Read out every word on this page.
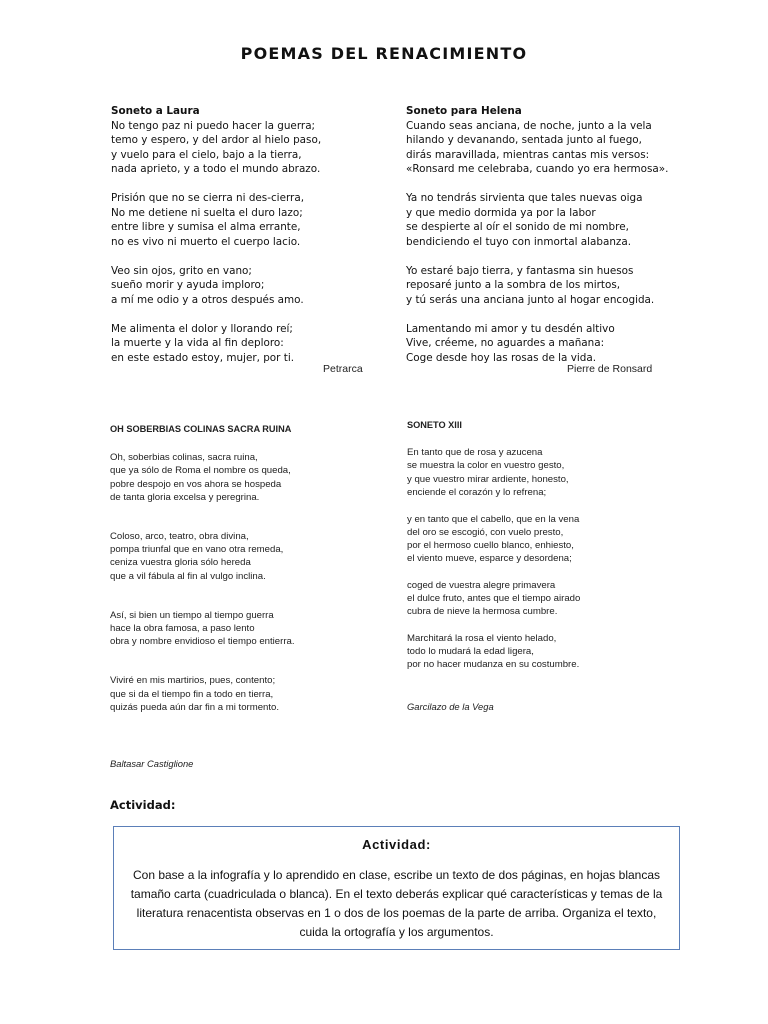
POEMAS DEL RENACIMIENTO
Soneto a Laura
No tengo paz ni puedo hacer la guerra;
temo y espero, y del ardor al hielo paso,
y vuelo para el cielo, bajo a la tierra,
nada aprieto, y a todo el mundo abrazo.
Prisión que no se cierra ni des-cierra,
No me detiene ni suelta el duro lazo;
entre libre y sumisa el alma errante,
no es vivo ni muerto el cuerpo lacio.
Veo sin ojos, grito en vano;
sueño morir y ayuda imploro;
a mí me odio y a otros después amo.
Me alimenta el dolor y llorando reí;
la muerte y la vida al fin deploro:
en este estado estoy, mujer, por ti.
Petrarca
Soneto para Helena
Cuando seas anciana, de noche, junto a la vela
hilando y devanando, sentada junto al fuego,
dirás maravillada, mientras cantas mis versos:
«Ronsard me celebraba, cuando yo era hermosa».
Ya no tendrás sirvienta que tales nuevas oiga
y que medio dormida ya por la labor
se despierte al oír el sonido de mi nombre,
bendiciendo el tuyo con inmortal alabanza.
Yo estaré bajo tierra, y fantasma sin huesos
reposaré junto a la sombra de los mirtos,
y tú serás una anciana junto al hogar encogida.
Lamentando mi amor y tu desdén altivo
Vive, créeme, no aguardes a mañana:
Coge desde hoy las rosas de la vida.
Pierre de Ronsard
OH SOBERBIAS COLINAS SACRA RUINA
Oh, soberbias colinas, sacra ruina,
que ya sólo de Roma el nombre os queda,
pobre despojo en vos ahora se hospeda
de tanta gloria excelsa y peregrina.
Coloso, arco, teatro, obra divina,
pompa triunfal que en vano otra remeda,
ceniza vuestra gloria sólo hereda
que a vil fábula al fin al vulgo inclina.
Así, si bien un tiempo al tiempo guerra
hace la obra famosa, a paso lento
obra y nombre envidioso el tiempo entierra.
Viviré en mis martirios, pues, contento;
que si da el tiempo fin a todo en tierra,
quizás pueda aún dar fin a mi tormento.
Baltasar Castiglione
SONETO XIII
En tanto que de rosa y azucena
se muestra la color en vuestro gesto,
y que vuestro mirar ardiente, honesto,
enciende el corazón y lo refrena;
y en tanto que el cabello, que en la vena
del oro se escogió, con vuelo presto,
por el hermoso cuello blanco, enhiesto,
el viento mueve, esparce y desordena;
coged de vuestra alegre primavera
el dulce fruto, antes que el tiempo airado
cubra de nieve la hermosa cumbre.
Marchitará la rosa el viento helado,
todo lo mudará la edad ligera,
por no hacer mudanza en su costumbre.
Garcilazo de la Vega
Actividad:
Actividad:
Con base a la infografía y lo aprendido en clase, escribe un texto de dos páginas, en hojas blancas tamaño carta (cuadriculada o blanca). En el texto deberás explicar qué características y temas de la literatura renacentista observas en 1 o dos de los poemas de la parte de arriba. Organiza el texto, cuida la ortografía y los argumentos.
